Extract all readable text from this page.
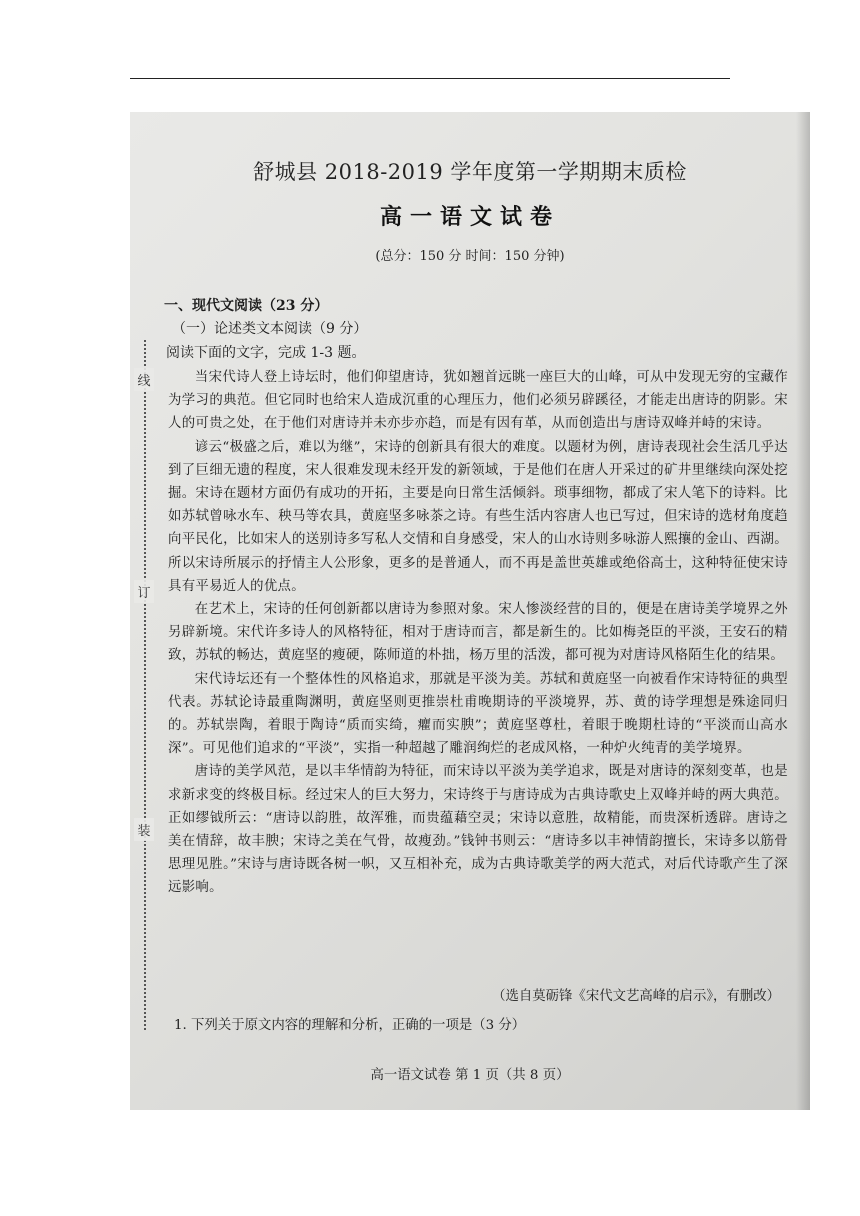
线
订
装
舒城县 2018-2019 学年度第一学期期末质检
高一语文试卷
(总分：150 分 时间：150 分钟)
一、现代文阅读（23 分）
（一）论述类文本阅读（9 分）
阅读下面的文字，完成 1-3 题。

当宋代诗人登上诗坛时，他们仰望唐诗，犹如翘首远眺一座巨大的山峰，可从中发现无穷的宝藏作为学习的典范。但它同时也给宋人造成沉重的心理压力，他们必须另辟蹊径，才能走出唐诗的阴影。宋人的可贵之处，在于他们对唐诗并未亦步亦趋，而是有因有革，从而创造出与唐诗双峰并峙的宋诗。

谚云“极盛之后，难以为继”，宋诗的创新具有很大的难度。以题材为例，唐诗表现社会生活几乎达到了巨细无遗的程度，宋人很难发现未经开发的新领域，于是他们在唐人开采过的矿井里继续向深处挖掘。宋诗在题材方面仍有成功的开拓，主要是向日常生活倾斜。琐事细物，都成了宋人笔下的诗料。比如苏轼曾咏水车、秧马等农具，黄庭坚多咏茶之诗。有些生活内容唐人也已写过，但宋诗的选材角度趋向平民化，比如宋人的送别诗多写私人交情和自身感受，宋人的山水诗则多咏游人熙攘的金山、西湖。所以宋诗所展示的抒情主人公形象，更多的是普通人，而不再是盖世英雄或绝俗高士，这种特征使宋诗具有平易近人的优点。

在艺术上，宋诗的任何创新都以唐诗为参照对象。宋人惨淡经营的目的，便是在唐诗美学境界之外另辟新境。宋代许多诗人的风格特征，相对于唐诗而言，都是新生的。比如梅尧臣的平淡，王安石的精致，苏轼的畅达，黄庭坚的瘦硬，陈师道的朴拙，杨万里的活泼，都可视为对唐诗风格陌生化的结果。

宋代诗坛还有一个整体性的风格追求，那就是平淡为美。苏轼和黄庭坚一向被看作宋诗特征的典型代表。苏轼论诗最重陶渊明，黄庭坚则更推崇杜甫晚期诗的平淡境界，苏、黄的诗学理想是殊途同归的。苏轼崇陶，着眼于陶诗“质而实绮，癯而实腴”；黄庭坚尊杜，着眼于晚期杜诗的“平淡而山高水深”。可见他们追求的“平淡”，实指一种超越了雕润绚烂的老成风格，一种炉火纯青的美学境界。

唐诗的美学风范，是以丰华情韵为特征，而宋诗以平淡为美学追求，既是对唐诗的深刻变革，也是求新求变的终极目标。经过宋人的巨大努力，宋诗终于与唐诗成为古典诗歌史上双峰并峙的两大典范。正如缪钺所云：“唐诗以韵胜，故浑雅，而贵蕴藉空灵；宋诗以意胜，故精能，而贵深析透辟。唐诗之美在情辞，故丰腴；宋诗之美在气骨，故瘦劲。”钱钟书则云：“唐诗多以丰神情韵擅长，宋诗多以筋骨思理见胜。”宋诗与唐诗既各树一帜，又互相补充，成为古典诗歌美学的两大范式，对后代诗歌产生了深远影响。

（选自莫砺锋《宋代文艺高峰的启示》，有删改）
1. 下列关于原文内容的理解和分析，正确的一项是（3 分）
高一语文试卷 第 1 页（共 8 页）
